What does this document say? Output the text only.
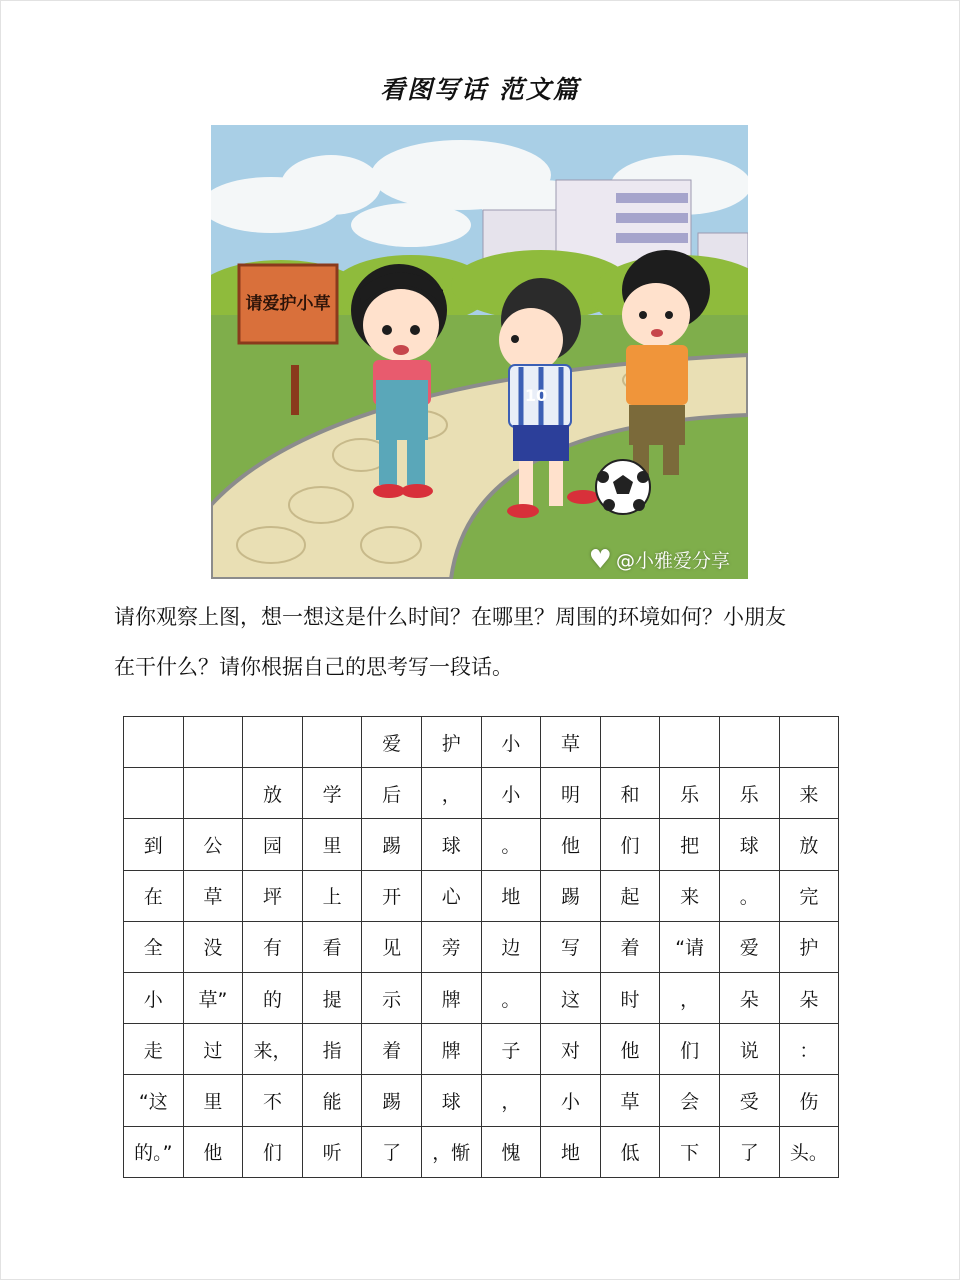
看图写话 范文篇
请爱护小草
10
♥ @小雅爱分享
请你观察上图，想一想这是什么时间？在哪里？周围的环境如何？小朋友
在干什么？请你根据自己的思考写一段话。
				爱	护	小	草				
		放	学	后	，	小	明	和	乐	乐	来
到	公	园	里	踢	球	。	他	们	把	球	放
在	草	坪	上	开	心	地	踢	起	来	。	完
全	没	有	看	见	旁	边	写	着	“请	爱	护
小	草”	的	提	示	牌	。	这	时	，	朵	朵
走	过	来，	指	着	牌	子	对	他	们	说	：
“这	里	不	能	踢	球	，	小	草	会	受	伤
的。”	他	们	听	了	，惭	愧	地	低	下	了	头。
